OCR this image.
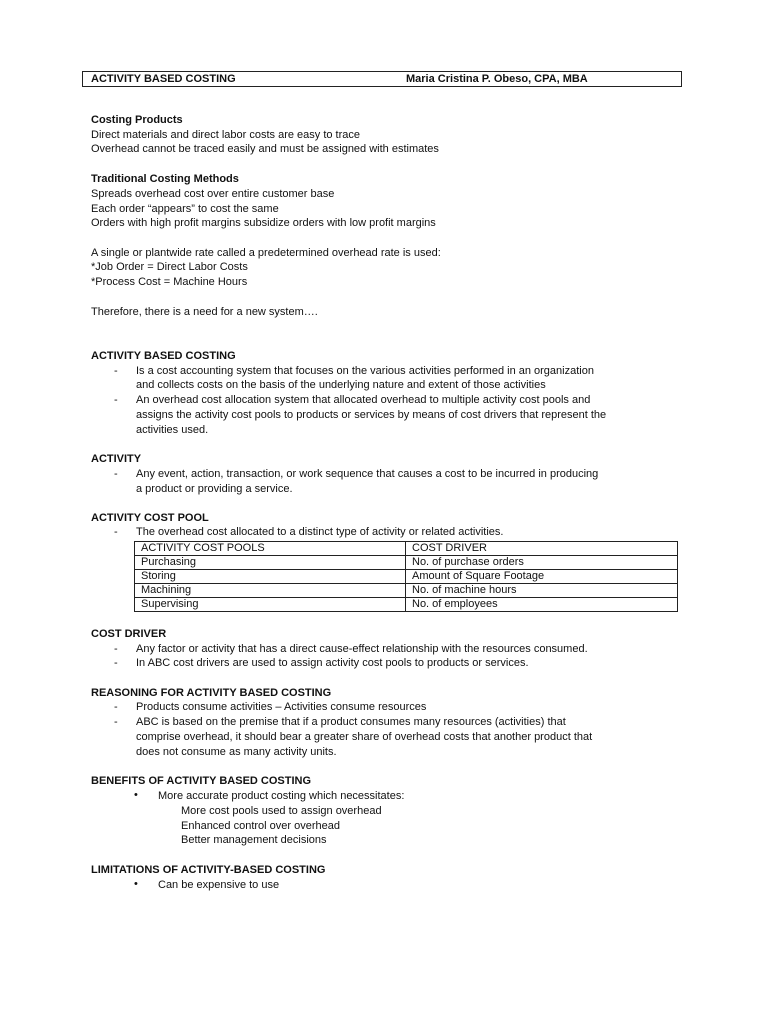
ACTIVITY BASED COSTING	Maria Cristina P. Obeso, CPA, MBA
Costing Products
Direct materials and direct labor costs are easy to trace
Overhead cannot be traced easily and must be assigned with estimates
Traditional Costing Methods
Spreads overhead cost over entire customer base
Each order “appears” to cost the same
Orders with high profit margins subsidize orders with low profit margins
A single or plantwide rate called a predetermined overhead rate is used:
*Job Order = Direct Labor Costs
*Process Cost = Machine Hours
Therefore, there is a need for a new system….
ACTIVITY BASED COSTING
- Is a cost accounting system that focuses on the various activities performed in an organization
and collects costs on the basis of the underlying nature and extent of those activities
- An overhead cost allocation system that allocated overhead to multiple activity cost pools and
assigns the activity cost pools to products or services by means of cost drivers that represent the
activities used.
ACTIVITY
- Any event, action, transaction, or work sequence that causes a cost to be incurred in producing
a product or providing a service.
ACTIVITY COST POOL
- The overhead cost allocated to a distinct type of activity or related activities.
ACTIVITY COST POOLS	COST DRIVER
Purchasing	No. of purchase orders
Storing	Amount of Square Footage
Machining	No. of machine hours
Supervising	No. of employees
COST DRIVER
- Any factor or activity that has a direct cause-effect relationship with the resources consumed.
- In ABC cost drivers are used to assign activity cost pools to products or services.
REASONING FOR ACTIVITY BASED COSTING
- Products consume activities – Activities consume resources
- ABC is based on the premise that if a product consumes many resources (activities) that
comprise overhead, it should bear a greater share of overhead costs that another product that
does not consume as many activity units.
BENEFITS OF ACTIVITY BASED COSTING
• More accurate product costing which necessitates:
More cost pools used to assign overhead
Enhanced control over overhead
Better management decisions
LIMITATIONS OF ACTIVITY-BASED COSTING
• Can be expensive to use
